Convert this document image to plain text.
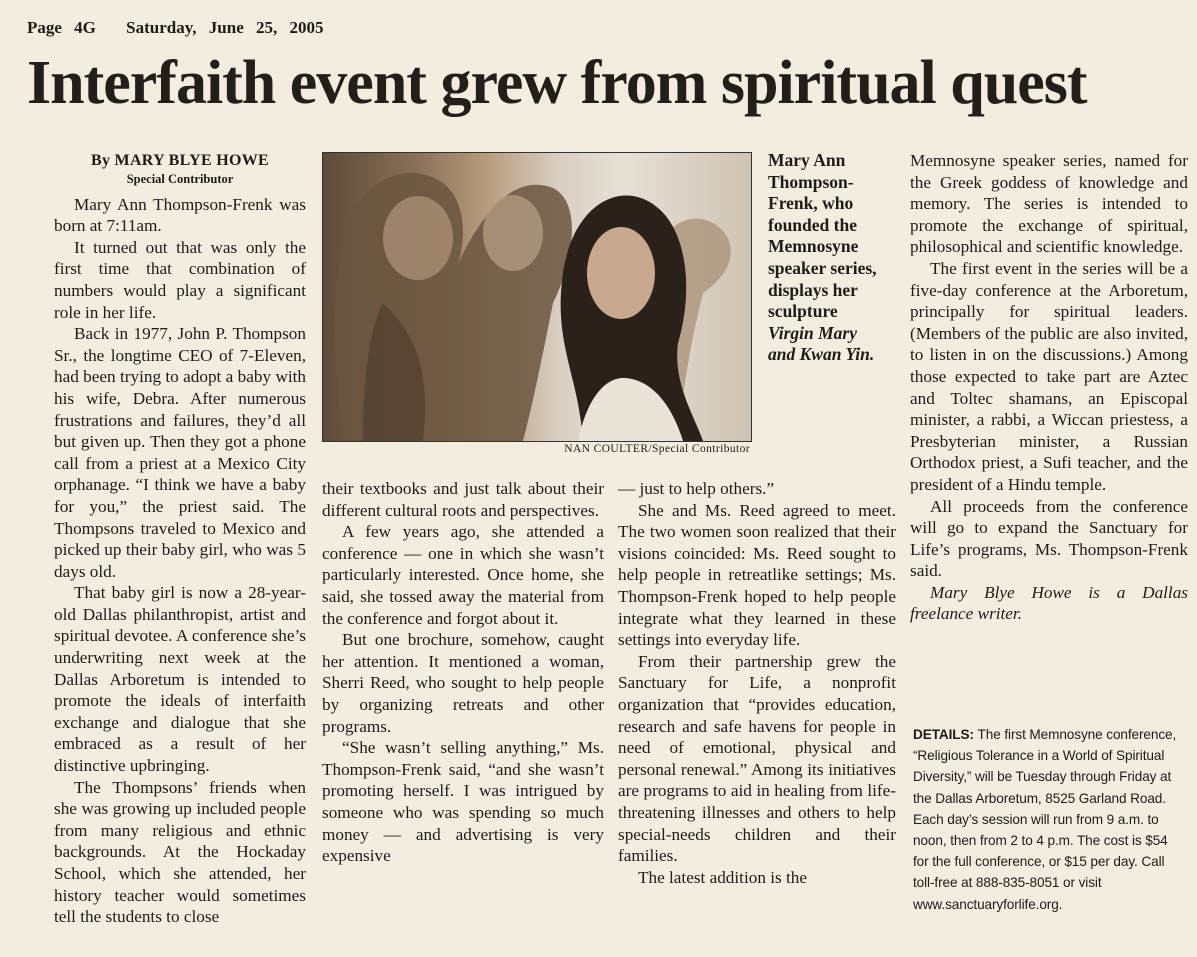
Page 4G Saturday, June 25, 2005
Interfaith event grew from spiritual quest
By MARY BLYE HOWE
Special Contributor

Mary Ann Thompson-Frenk was born at 7:11am.

It turned out that was only the first time that combination of numbers would play a significant role in her life.

Back in 1977, John P. Thompson Sr., the longtime CEO of 7-Eleven, had been trying to adopt a baby with his wife, Debra. After numerous frustrations and failures, they’d all but given up. Then they got a phone call from a priest at a Mexico City orphanage. “I think we have a baby for you,” the priest said. The Thompsons traveled to Mexico and picked up their baby girl, who was 5 days old.

That baby girl is now a 28-year-old Dallas philanthropist, artist and spiritual devotee. A conference she’s underwriting next week at the Dallas Arboretum is intended to promote the ideals of interfaith exchange and dialogue that she embraced as a result of her distinctive upbringing.

The Thompsons’ friends when she was growing up included people from many religious and ethnic backgrounds. At the Hockaday School, which she attended, her history teacher would sometimes tell the students to close

NAN COULTER/Special Contributor
Mary Ann Thompson-Frenk, who founded the Memnosyne speaker series, displays her sculpture
Virgin Mary and Kwan Yin.

their textbooks and just talk about their different cultural roots and perspectives.

A few years ago, she attended a conference — one in which she wasn’t particularly interested. Once home, she said, she tossed away the material from the conference and forgot about it.

But one brochure, somehow, caught her attention. It mentioned a woman, Sherri Reed, who sought to help people by organizing retreats and other programs.

“She wasn’t selling anything,” Ms. Thompson-Frenk said, “and she wasn’t promoting herself. I was intrigued by someone who was spending so much money — and advertising is very expensive

— just to help others.”

She and Ms. Reed agreed to meet. The two women soon realized that their visions coincided: Ms. Reed sought to help people in retreatlike settings; Ms. Thompson-Frenk hoped to help people integrate what they learned in these settings into everyday life.

From their partnership grew the Sanctuary for Life, a nonprofit organization that “provides education, research and safe havens for people in need of emotional, physical and personal renewal.” Among its initiatives are programs to aid in healing from life-threatening illnesses and others to help special-needs children and their families.

The latest addition is the

Memnosyne speaker series, named for the Greek goddess of knowledge and memory. The series is intended to promote the exchange of spiritual, philosophical and scientific knowledge.

The first event in the series will be a five-day conference at the Arboretum, principally for spiritual leaders. (Members of the public are also invited, to listen in on the discussions.) Among those expected to take part are Aztec and Toltec shamans, an Episcopal minister, a rabbi, a Wiccan priestess, a Presbyterian minister, a Russian Orthodox priest, a Sufi teacher, and the president of a Hindu temple.

All proceeds from the conference will go to expand the Sanctuary for Life’s programs, Ms. Thompson-Frenk said.

Mary Blye Howe is a Dallas freelance writer.

DETAILS: The first Memnosyne conference, “Religious Tolerance in a World of Spiritual Diversity,” will be Tuesday through Friday at the Dallas Arboretum, 8525 Garland Road. Each day’s session will run from 9 a.m. to noon, then from 2 to 4 p.m. The cost is $54 for the full conference, or $15 per day. Call toll-free at 888-835-8051 or visit www.sanctuaryforlife.org.
